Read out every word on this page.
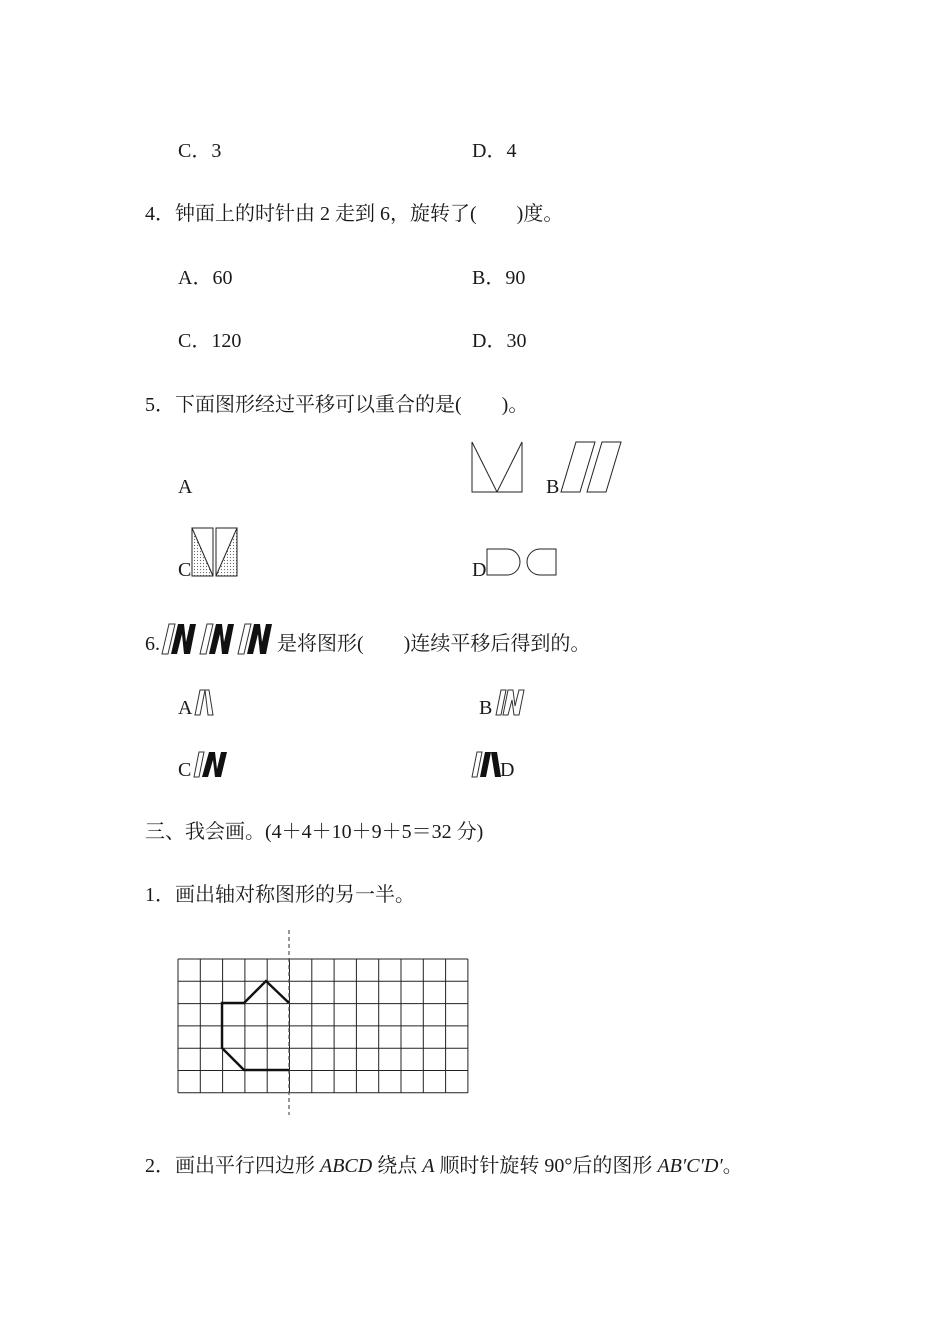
C．3	D．4
4．钟面上的时针由 2 走到 6，旋转了(　　)度。
A．60	B．90
C．120	D．30
5．下面图形经过平移可以重合的是(　　)。
A	B
C	D
6.	是将图形(　　)连续平移后得到的。
A	B
C	D
三、我会画。(4＋4＋10＋9＋5＝32 分)
1．画出轴对称图形的另一半。
2．画出平行四边形 ABCD 绕点 A 顺时针旋转 90°后的图形 AB′C′D′。
